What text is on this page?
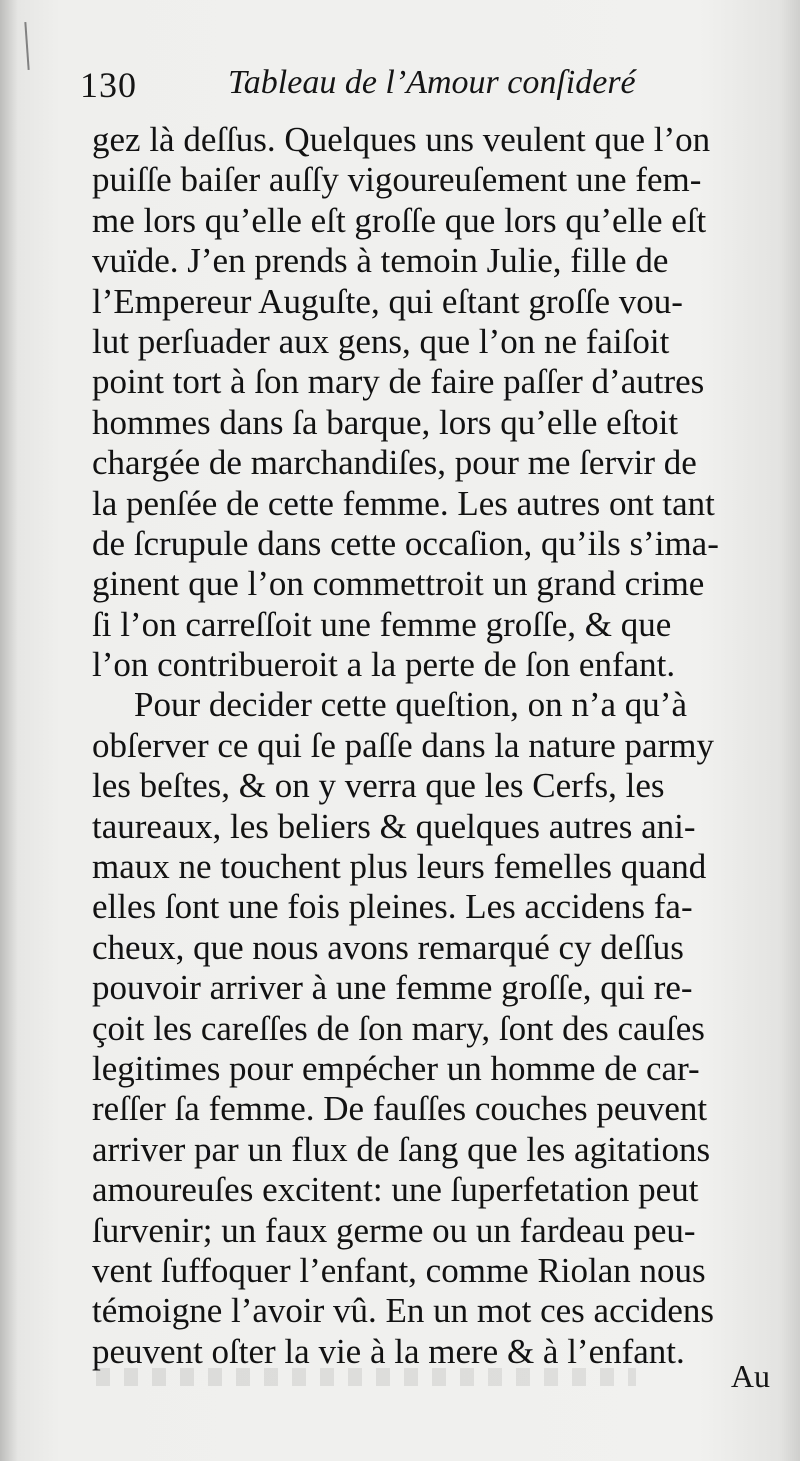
130	Tableau de l’Amour conſideré
gez là deſſus. Quelques uns veulent que l’on
puiſſe baiſer auſſy vigoureuſement une fem-
me lors qu’elle eſt groſſe que lors qu’elle eſt
vuïde. J’en prends à temoin Julie, fille de
l’Empereur Auguſte, qui eſtant groſſe vou-
lut perſuader aux gens, que l’on ne faiſoit
point tort à ſon mary de faire paſſer d’autres
hommes dans ſa barque, lors qu’elle eſtoit
chargée de marchandiſes, pour me ſervir de
la penſée de cette femme. Les autres ont tant
de ſcrupule dans cette occaſion, qu’ils s’ima-
ginent que l’on commettroit un grand crime
ſi l’on carreſſoit une femme groſſe, & que
l’on contribueroit a la perte de ſon enfant.
Pour decider cette queſtion, on n’a qu’à
obſerver ce qui ſe paſſe dans la nature parmy
les beſtes, & on y verra que les Cerfs, les
taureaux, les beliers & quelques autres ani-
maux ne touchent plus leurs femelles quand
elles ſont une fois pleines. Les accidens fa-
cheux, que nous avons remarqué cy deſſus
pouvoir arriver à une femme groſſe, qui re-
çoit les careſſes de ſon mary, ſont des cauſes
legitimes pour empécher un homme de car-
reſſer ſa femme. De fauſſes couches peuvent
arriver par un flux de ſang que les agitations
amoureuſes excitent: une ſuperfetation peut
ſurvenir; un faux germe ou un fardeau peu-
vent ſuffoquer l’enfant, comme Riolan nous
témoigne l’avoir vû. En un mot ces accidens
peuvent oſter la vie à la mere & à l’enfant.
Au
